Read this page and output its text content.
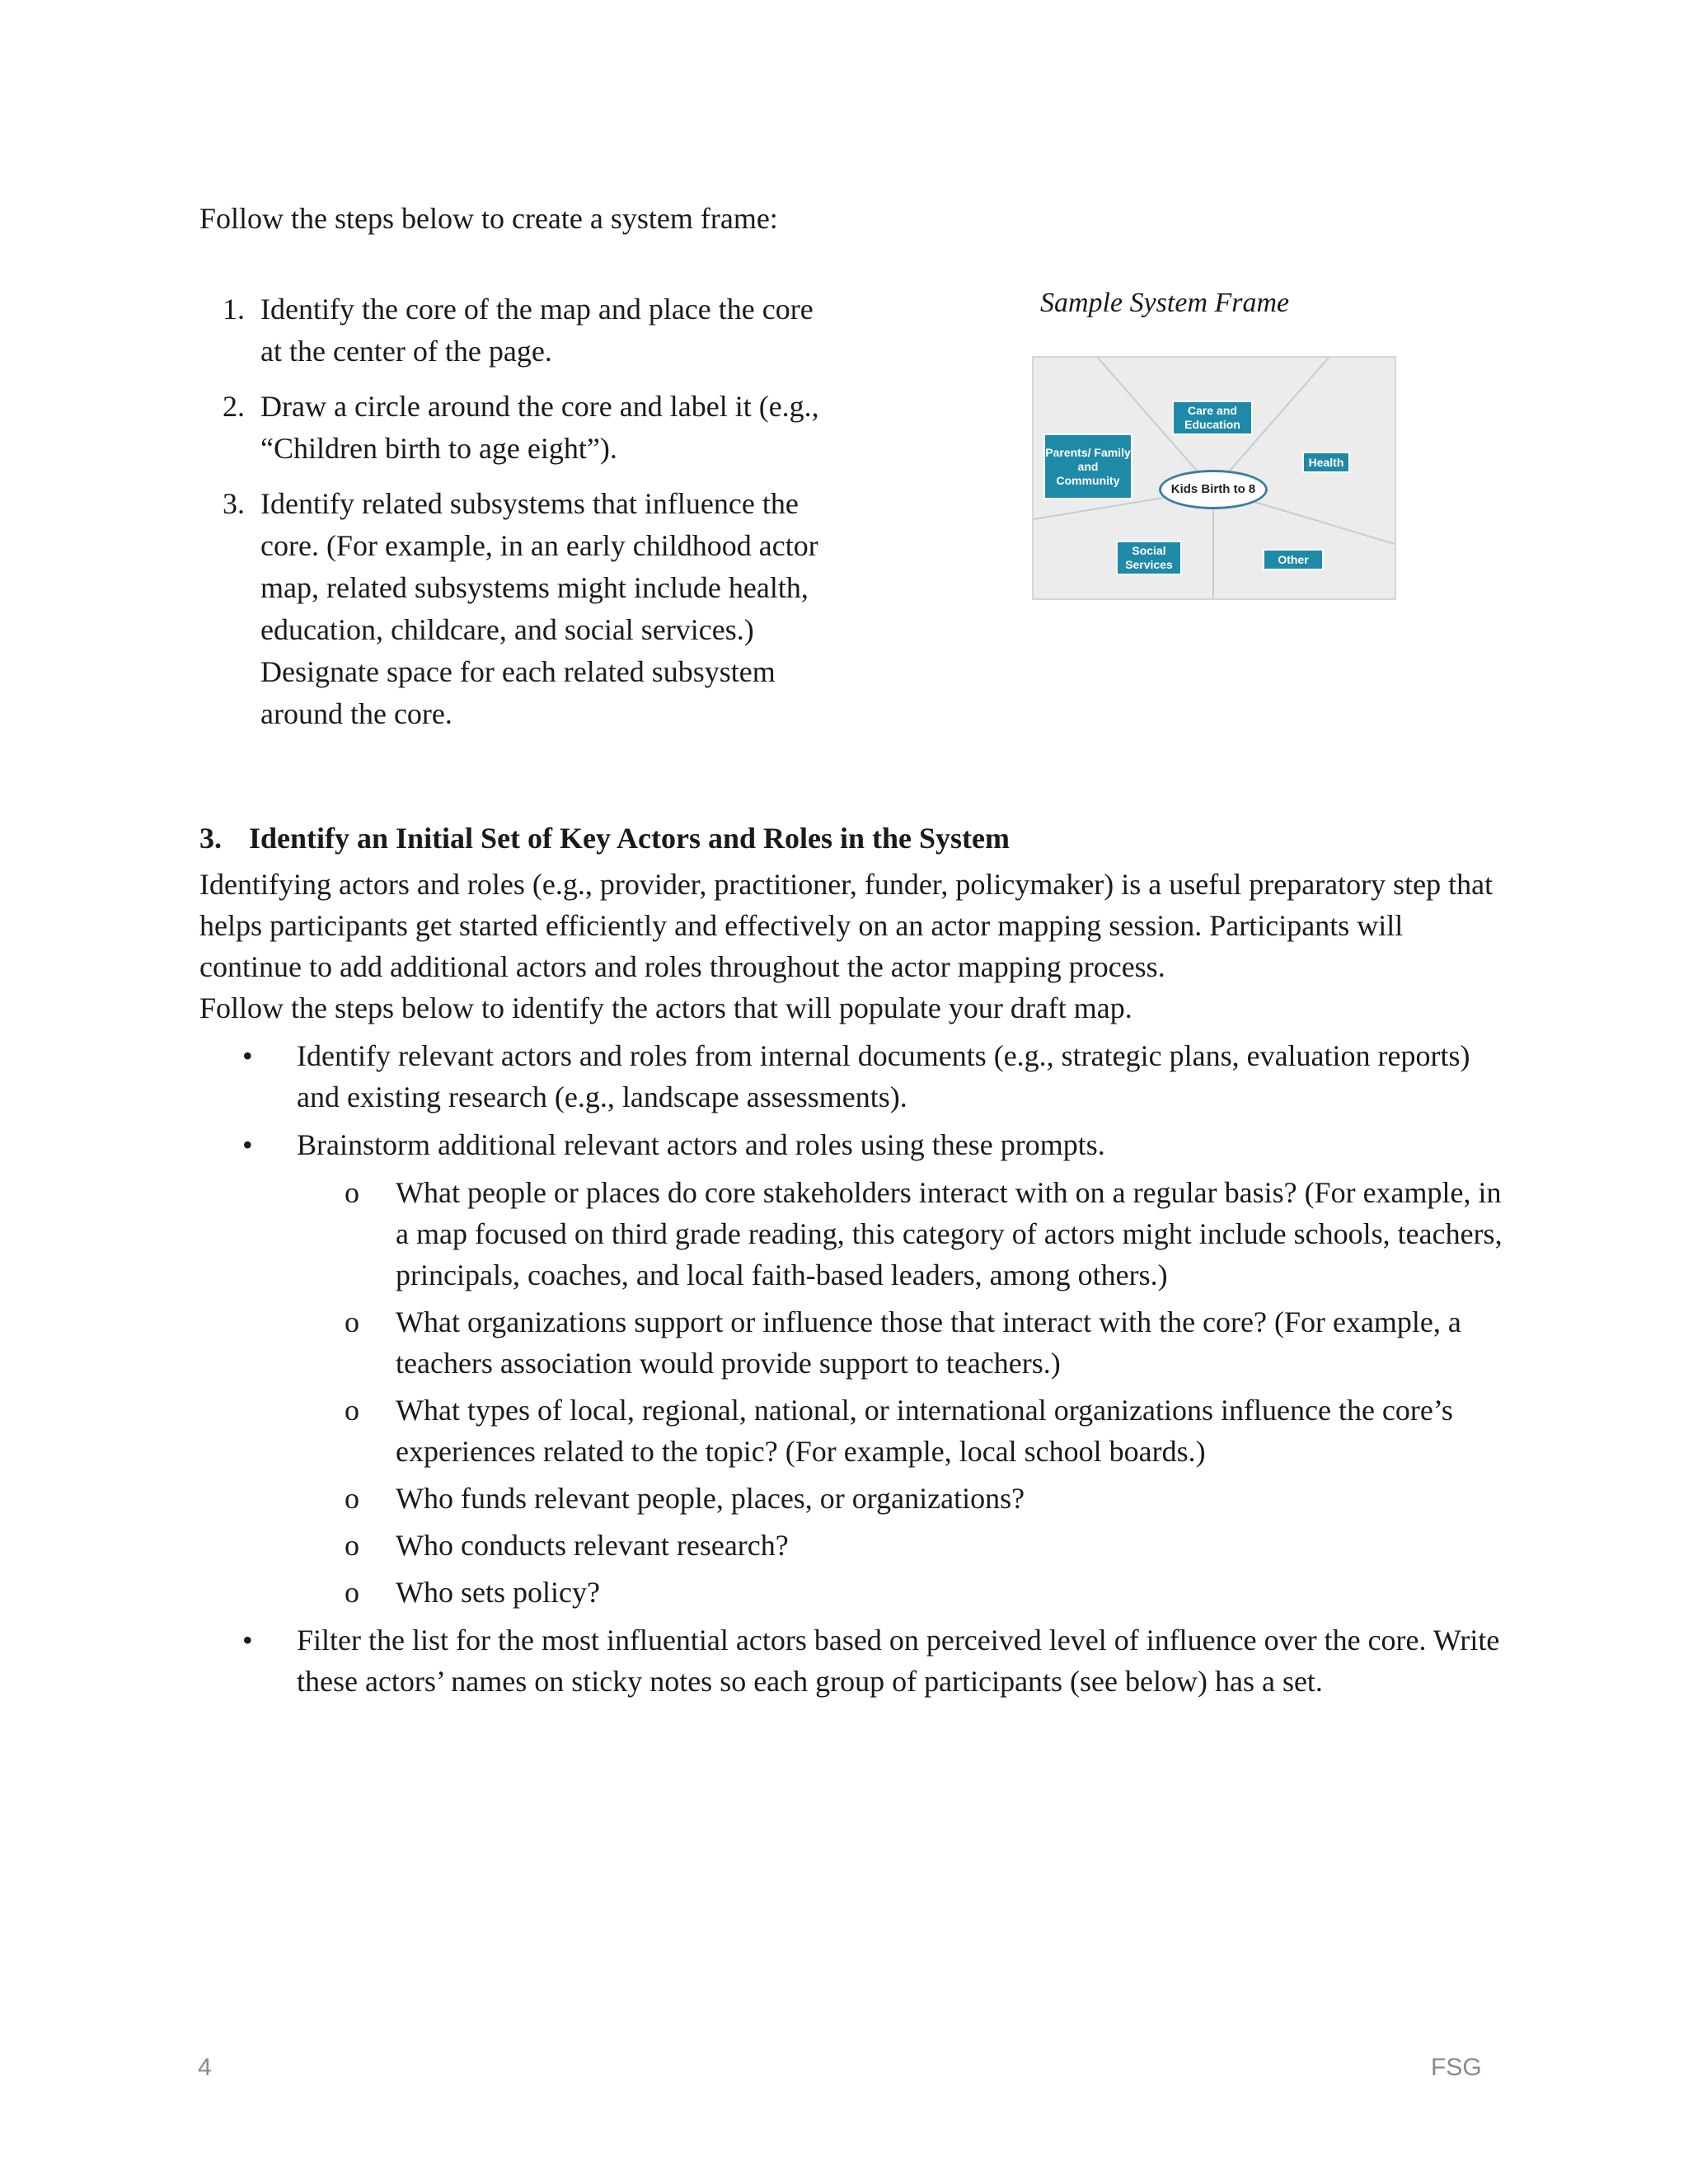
Follow the steps below to create a system frame:

1. Identify the core of the map and place the core at the center of the page.
2. Draw a circle around the core and label it (e.g., “Children birth to age eight”).
3. Identify related subsystems that influence the core. (For example, in an early childhood actor map, related subsystems might include health, education, childcare, and social services.) Designate space for each related subsystem around the core.

Sample System Frame

Care and Education
Parents/ Family and Community
Health
Kids Birth to 8
Social Services	Other
3. Identify an Initial Set of Key Actors and Roles in the System

Identifying actors and roles (e.g., provider, practitioner, funder, policymaker) is a useful preparatory step that helps participants get started efficiently and effectively on an actor mapping session. Participants will continue to add additional actors and roles throughout the actor mapping process.

Follow the steps below to identify the actors that will populate your draft map.

• Identify relevant actors and roles from internal documents (e.g., strategic plans, evaluation reports) and existing research (e.g., landscape assessments).
• Brainstorm additional relevant actors and roles using these prompts.
o What people or places do core stakeholders interact with on a regular basis? (For example, in a map focused on third grade reading, this category of actors might include schools, teachers, principals, coaches, and local faith-based leaders, among others.)
o What organizations support or influence those that interact with the core? (For example, a teachers association would provide support to teachers.)
o What types of local, regional, national, or international organizations influence the core’s experiences related to the topic? (For example, local school boards.)
o Who funds relevant people, places, or organizations?
o Who conducts relevant research?
o Who sets policy?
• Filter the list for the most influential actors based on perceived level of influence over the core. Write these actors’ names on sticky notes so each group of participants (see below) has a set.
4	FSG
